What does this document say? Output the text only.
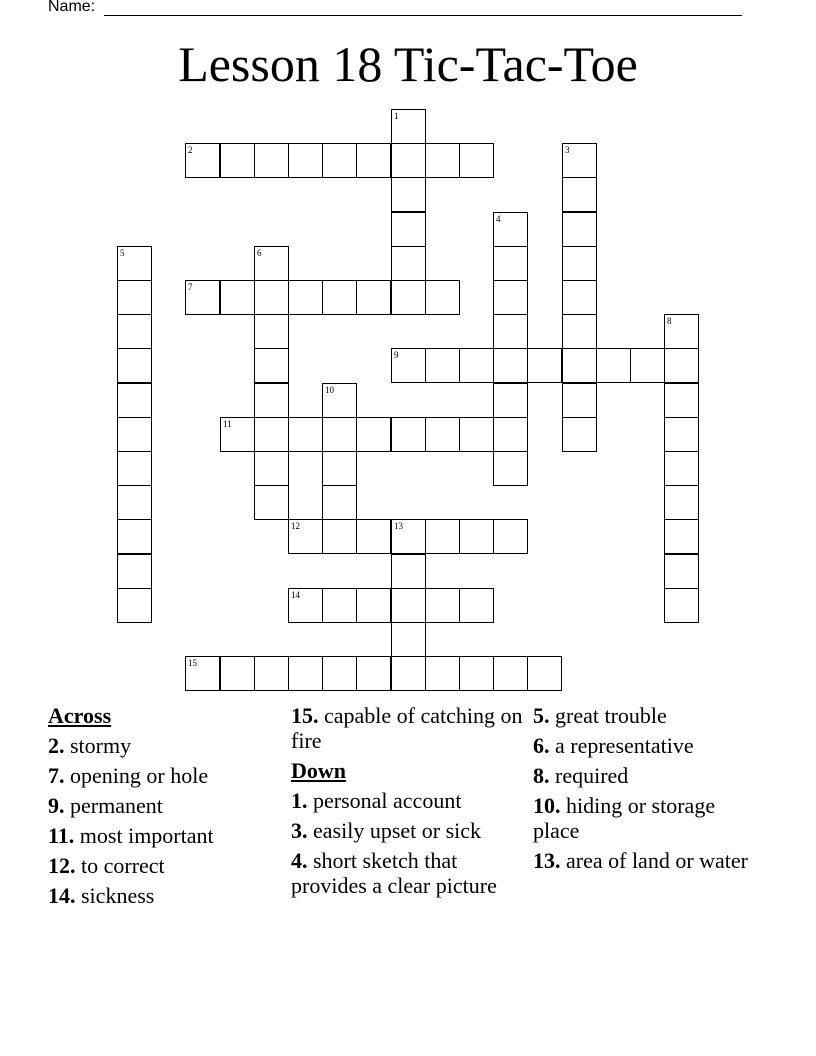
Name:
Lesson 18 Tic-Tac-Toe
1
2	3
4
5	6
7
8
9
10
11
12	13
14
15
Across
2. stormy
7. opening or hole
9. permanent
11. most important
12. to correct
14. sickness
15. capable of catching on fire
Down
1. personal account
3. easily upset or sick
4. short sketch that provides a clear picture
5. great trouble
6. a representative
8. required
10. hiding or storage place
13. area of land or water
